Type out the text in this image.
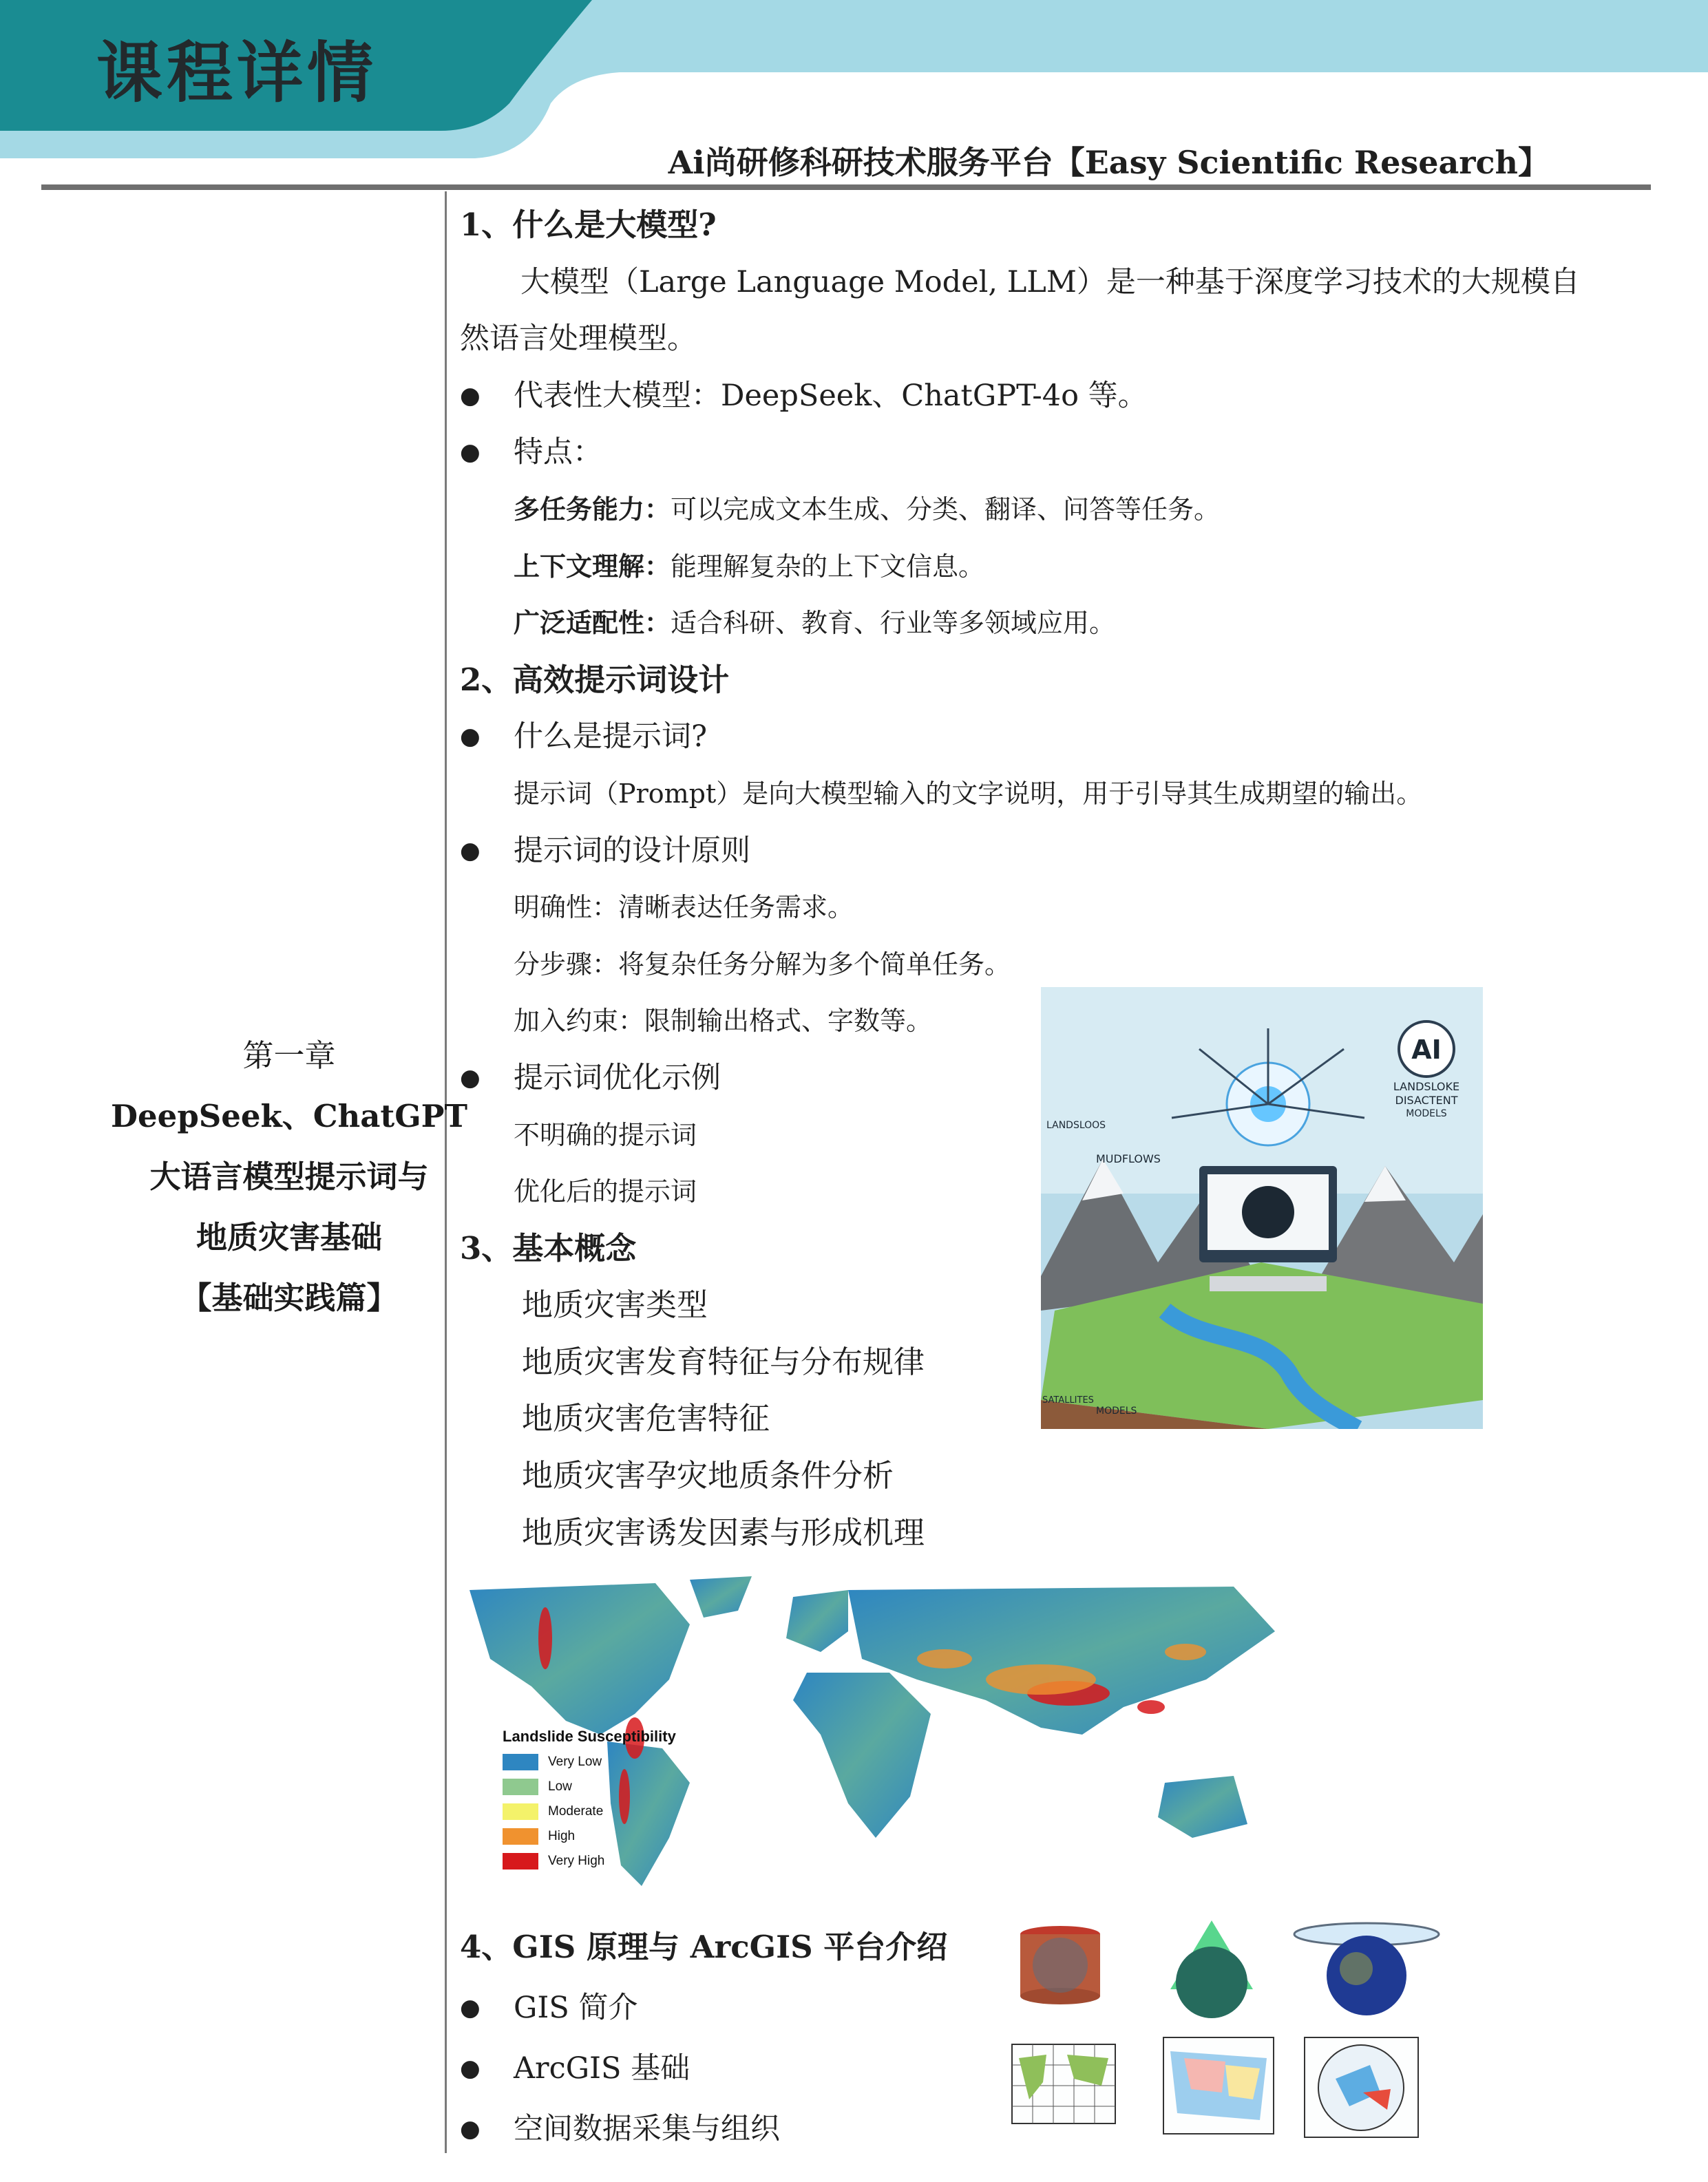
课程详情
Ai尚研修科研技术服务平台【Easy Scientific Research】
第一章
DeepSeek、ChatGPT
大语言模型提示词与
地质灾害基础
【基础实践篇】
1、什么是大模型?
大模型（Large Language Model, LLM）是一种基于深度学习技术的大规模自
然语言处理模型。
● 代表性大模型：DeepSeek、ChatGPT-4o 等。
● 特点：
多任务能力：可以完成文本生成、分类、翻译、问答等任务。
上下文理解：能理解复杂的上下文信息。
广泛适配性：适合科研、教育、行业等多领域应用。
2、高效提示词设计
● 什么是提示词?
提示词（Prompt）是向大模型输入的文字说明，用于引导其生成期望的输出。
● 提示词的设计原则
明确性：清晰表达任务需求。
分步骤：将复杂任务分解为多个简单任务。
加入约束：限制输出格式、字数等。
● 提示词优化示例
不明确的提示词
优化后的提示词
3、基本概念
地质灾害类型
地质灾害发育特征与分布规律
地质灾害危害特征
地质灾害孕灾地质条件分析
地质灾害诱发因素与形成机理
AI
LANDSLOKE
DISACTENT
MODELS
LANDSLOOS
MUDFLOWS
SATALLITES
MODELS
Landslide Susceptibility
Very Low
Low
Moderate
High
Very High
4、GIS 原理与 ArcGIS 平台介绍
● GIS 简介
● ArcGIS 基础
● 空间数据采集与组织
